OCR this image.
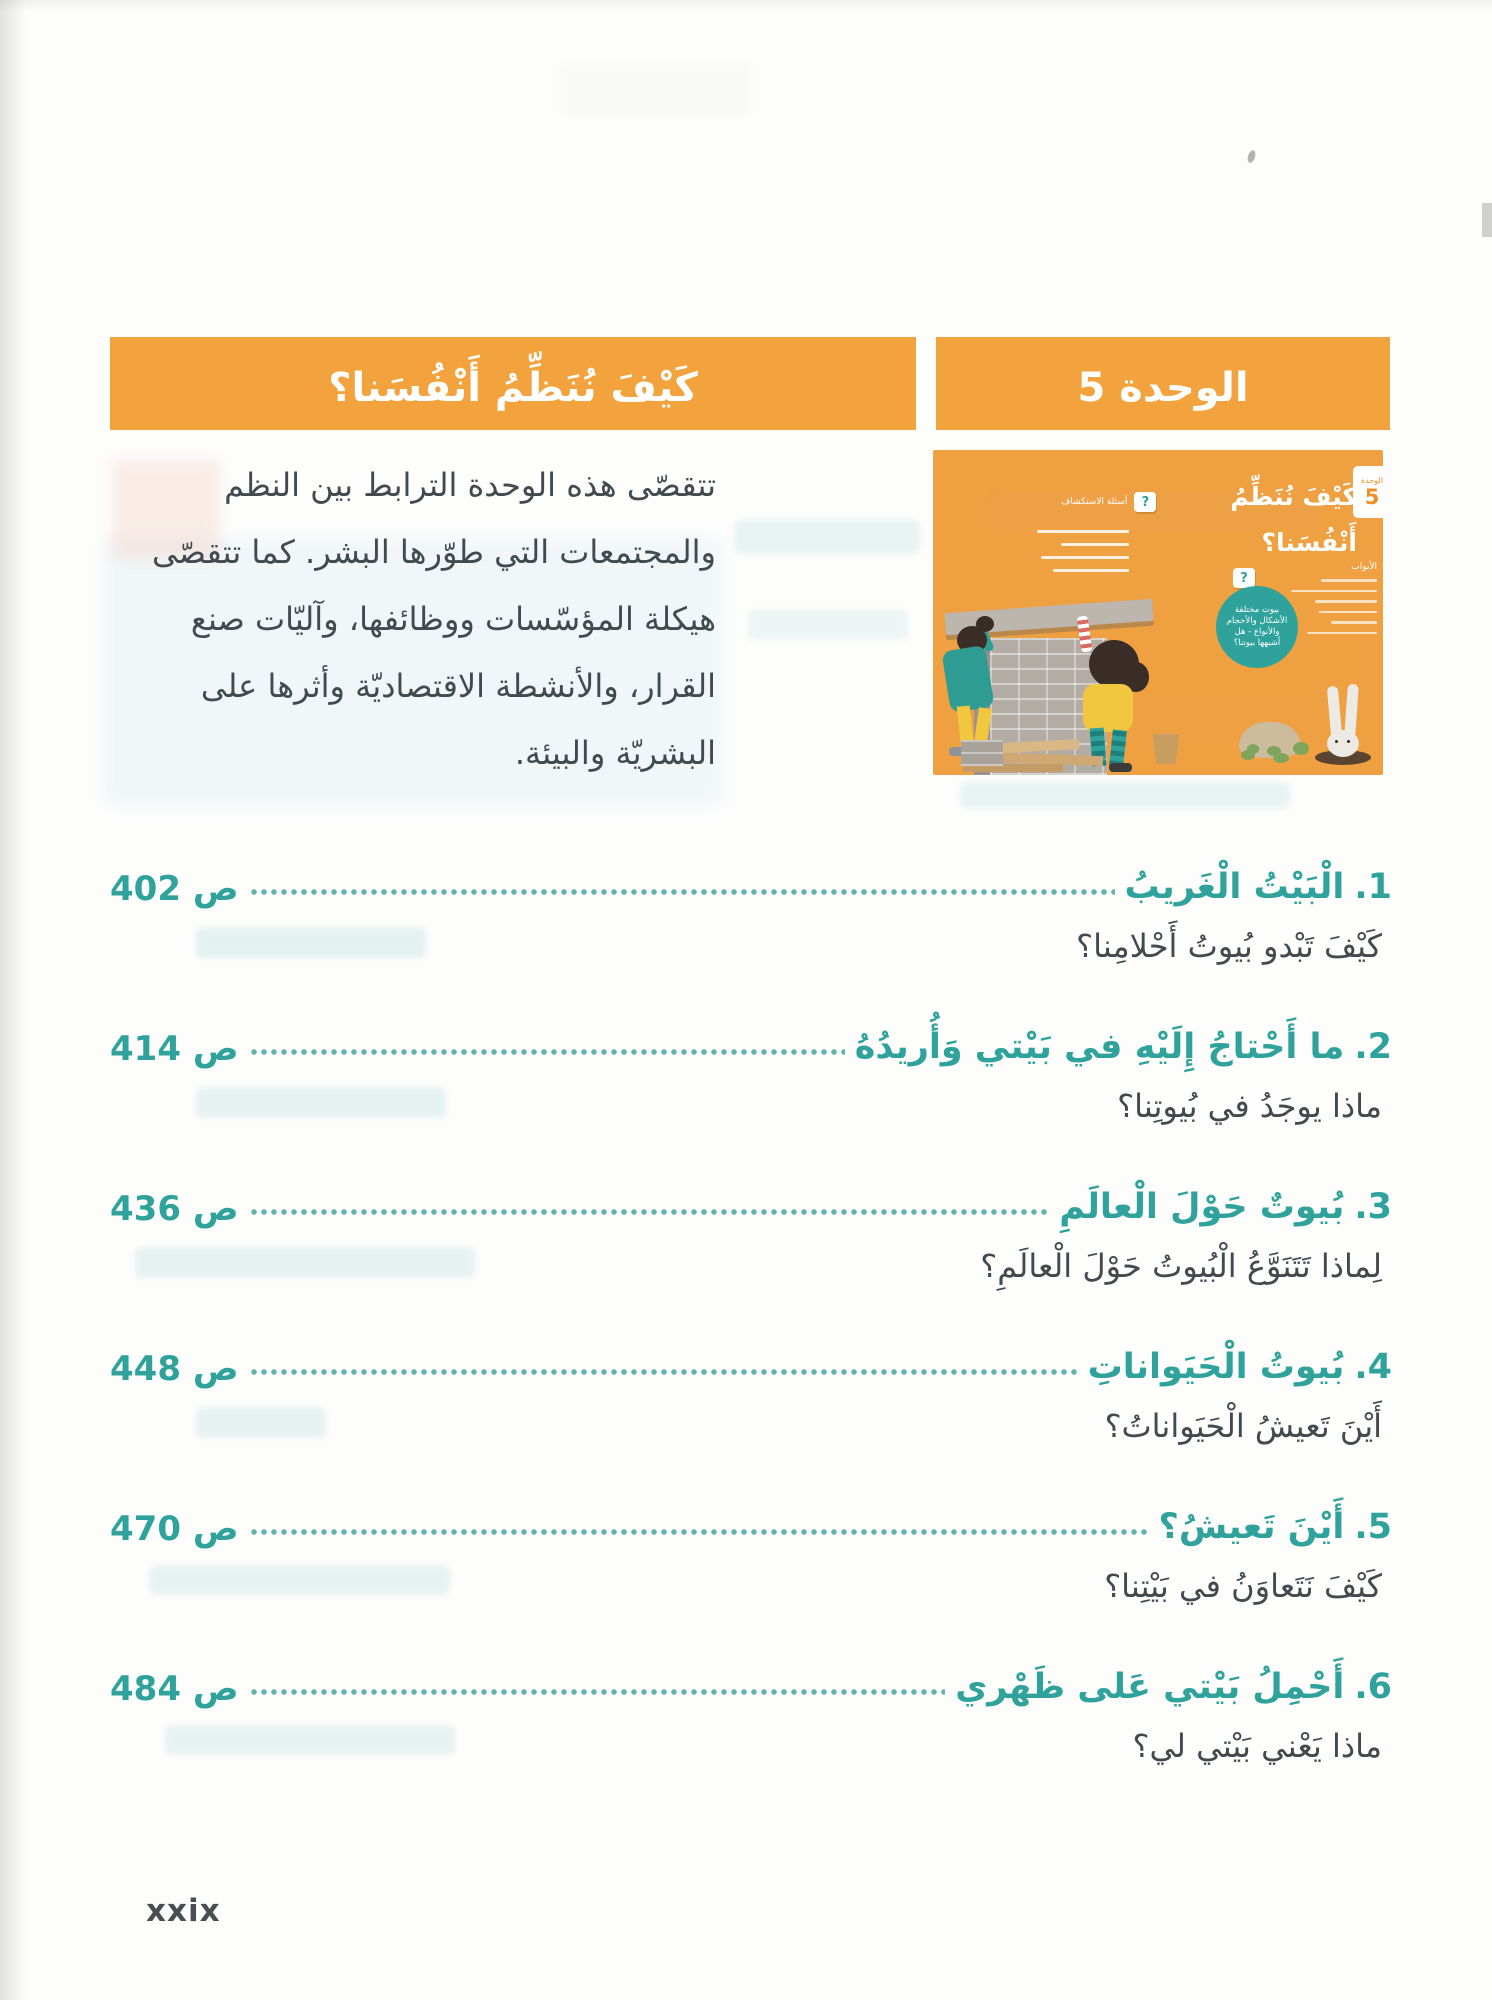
كَيْفَ نُنَظِّمُ أَنْفُسَنا؟	الوحدة 5
تتقصّى هذه الوحدة الترابط بين النظم والمجتمعات التي طوّرها البشر. كما تتقصّى هيكلة المؤسّسات ووظائفها، وآليّات صنع القرار، والأنشطة الاقتصاديّة وأثرها على البشريّة والبيئة.
الوحدة
5
كَيْفَ نُنَظِّمُ أَنْفُسَنا؟
أسئلة الاستكشاف	?
الأبواب
?
بيوت مختلفة الأشكال والأحجام والأنواع - هل أشبهها بيوتنا؟
1.الْبَيْتُ الْغَريبُ
ص 402
كَيْفَ تَبْدو بُيوتُ أَحْلامِنا؟
2.ما أَحْتاجُ إِلَيْهِ في بَيْتي وَأُريدُهُ
ص 414
ماذا يوجَدُ في بُيوتِنا؟
3.بُيوتٌ حَوْلَ الْعالَمِ
ص 436
لِماذا تَتَنَوَّعُ الْبُيوتُ حَوْلَ الْعالَمِ؟
4.بُيوتُ الْحَيَواناتِ
ص 448
أَيْنَ تَعيشُ الْحَيَواناتُ؟
5.أَيْنَ تَعيشُ؟
ص 470
كَيْفَ نَتَعاوَنُ في بَيْتِنا؟
6.أَحْمِلُ بَيْتي عَلى ظَهْري
ص 484
ماذا يَعْني بَيْتي لي؟
xxix
